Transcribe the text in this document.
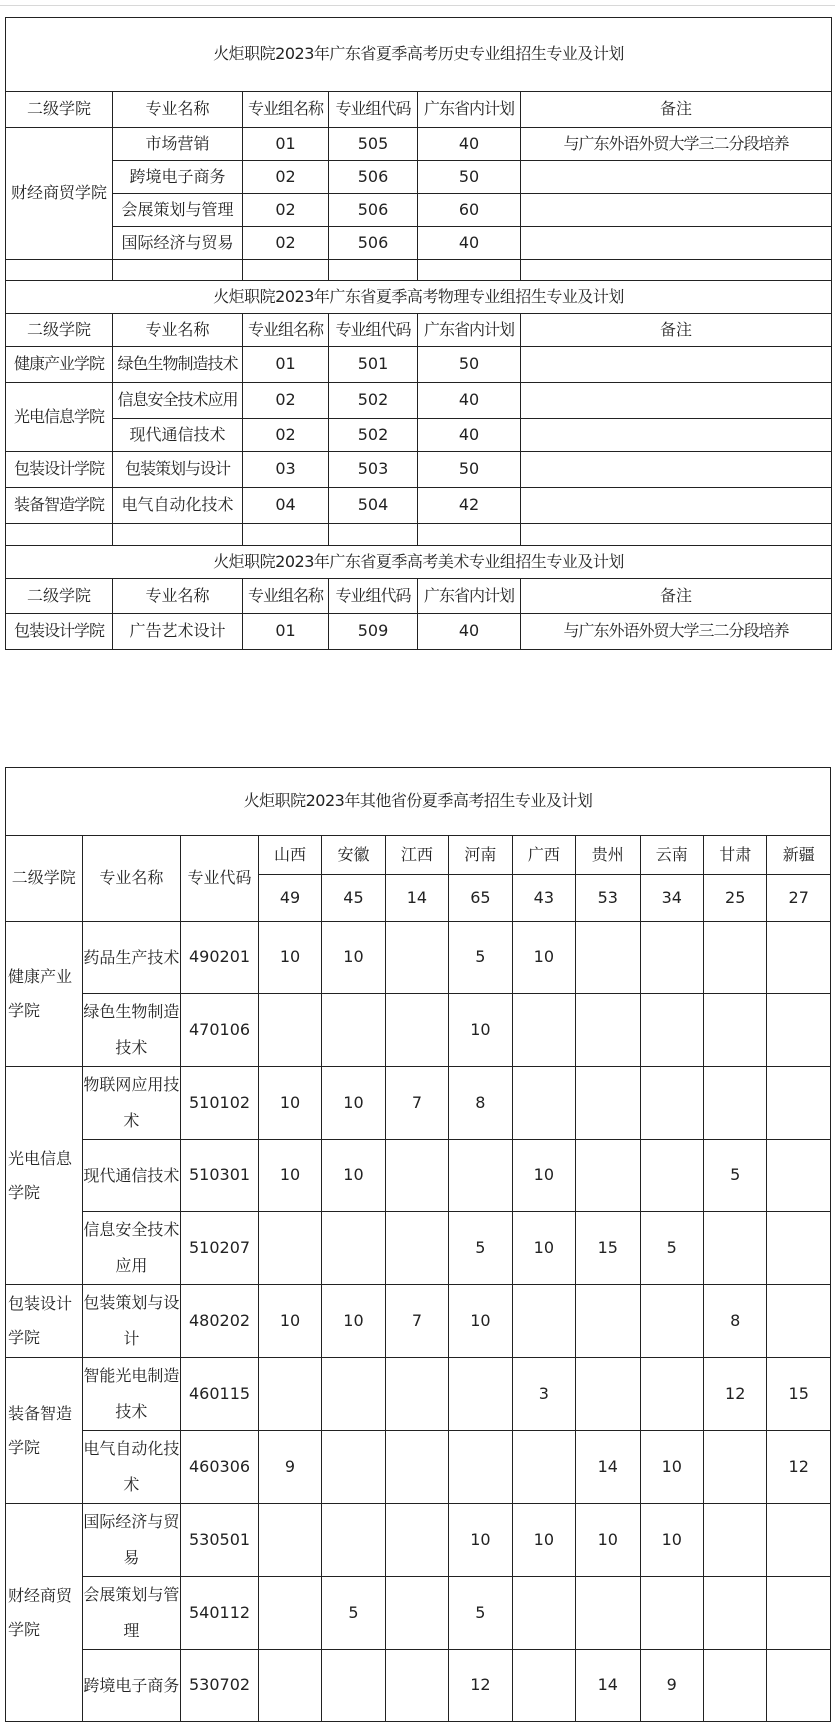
火炬职院2023年广东省夏季高考历史专业组招生专业及计划					
二级学院	专业名称	专业组名称	专业组代码	广东省内计划	备注
财经商贸学院	市场营销	01	505	40	与广东外语外贸大学三二分段培养
	跨境电子商务	02	506	50	
	会展策划与管理	02	506	60	
	国际经济与贸易	02	506	40	

火炬职院2023年广东省夏季高考物理专业组招生专业及计划					
二级学院	专业名称	专业组名称	专业组代码	广东省内计划	备注
健康产业学院	绿色生物制造技术	01	501	50	
光电信息学院	信息安全技术应用	02	502	40	
	现代通信技术	02	502	40	
包装设计学院	包装策划与设计	03	503	50	
装备智造学院	电气自动化技术	04	504	42	

火炬职院2023年广东省夏季高考美术专业组招生专业及计划					
二级学院	专业名称	专业组名称	专业组代码	广东省内计划	备注
包装设计学院	广告艺术设计	01	509	40	与广东外语外贸大学三二分段培养
火炬职院2023年其他省份夏季高考招生专业及计划											
二级学院	专业名称	专业代码	山西	安徽	江西	河南	广西	贵州	云南	甘肃	新疆
			49	45	14	65	43	53	34	25	27
健康产业学院	药品生产技术	490201	10	10		5	10				
	绿色生物制造技术	470106				10					
光电信息学院	物联网应用技术	510102	10	10	7	8					
	现代通信技术	510301	10	10			10			5	
	信息安全技术应用	510207				5	10	15	5		
包装设计学院	包装策划与设计	480202	10	10	7	10				8	
装备智造学院	智能光电制造技术	460115					3			12	15
	电气自动化技术	460306	9					14	10		12
财经商贸学院	国际经济与贸易	530501				10	10	10	10		
	会展策划与管理	540112		5		5					
	跨境电子商务	530702				12		14	9		
